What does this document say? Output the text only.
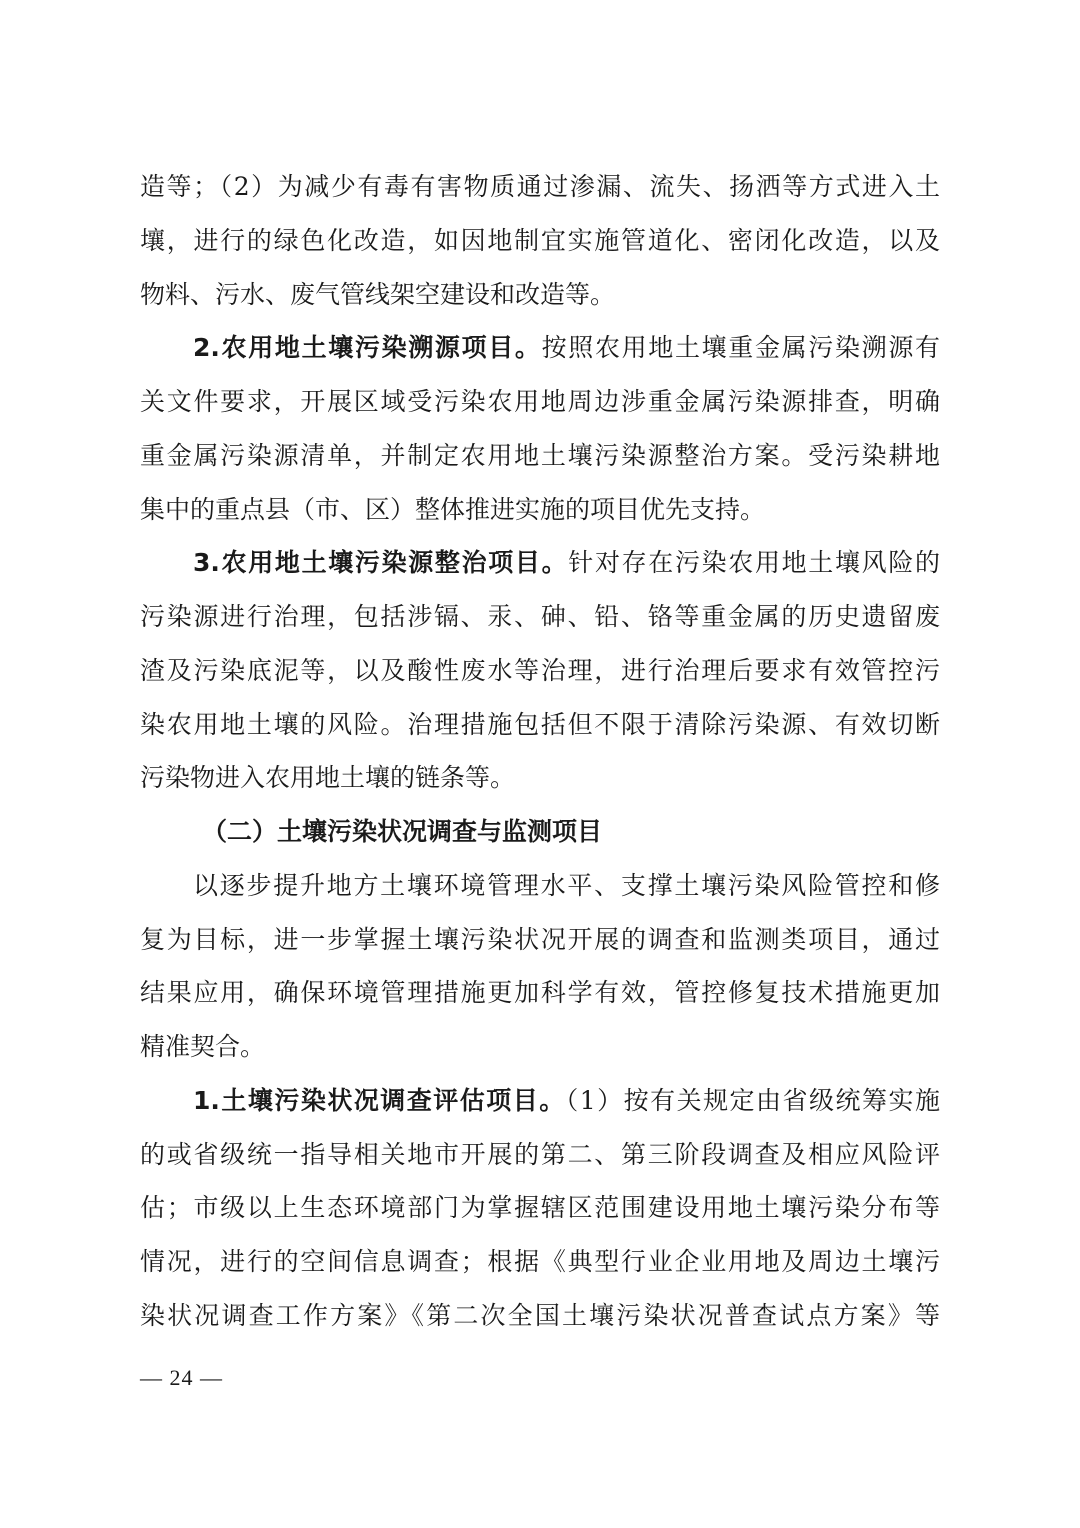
造等；（2）为减少有毒有害物质通过渗漏、流失、扬洒等方式进入土
壤，进行的绿色化改造，如因地制宜实施管道化、密闭化改造，以及
物料、污水、废气管线架空建设和改造等。
2.农用地土壤污染溯源项目。按照农用地土壤重金属污染溯源有
关文件要求，开展区域受污染农用地周边涉重金属污染源排查，明确
重金属污染源清单，并制定农用地土壤污染源整治方案。受污染耕地
集中的重点县（市、区）整体推进实施的项目优先支持。
3.农用地土壤污染源整治项目。针对存在污染农用地土壤风险的
污染源进行治理，包括涉镉、汞、砷、铅、铬等重金属的历史遗留废
渣及污染底泥等，以及酸性废水等治理，进行治理后要求有效管控污
染农用地土壤的风险。治理措施包括但不限于清除污染源、有效切断
污染物进入农用地土壤的链条等。
（二）土壤污染状况调查与监测项目
以逐步提升地方土壤环境管理水平、支撑土壤污染风险管控和修
复为目标，进一步掌握土壤污染状况开展的调查和监测类项目，通过
结果应用，确保环境管理措施更加科学有效，管控修复技术措施更加
精准契合。
1.土壤污染状况调查评估项目。（1）按有关规定由省级统筹实施
的或省级统一指导相关地市开展的第二、第三阶段调查及相应风险评
估；市级以上生态环境部门为掌握辖区范围建设用地土壤污染分布等
情况，进行的空间信息调查；根据《典型行业企业用地及周边土壤污
染状况调查工作方案》《第二次全国土壤污染状况普查试点方案》等
— 24 —
